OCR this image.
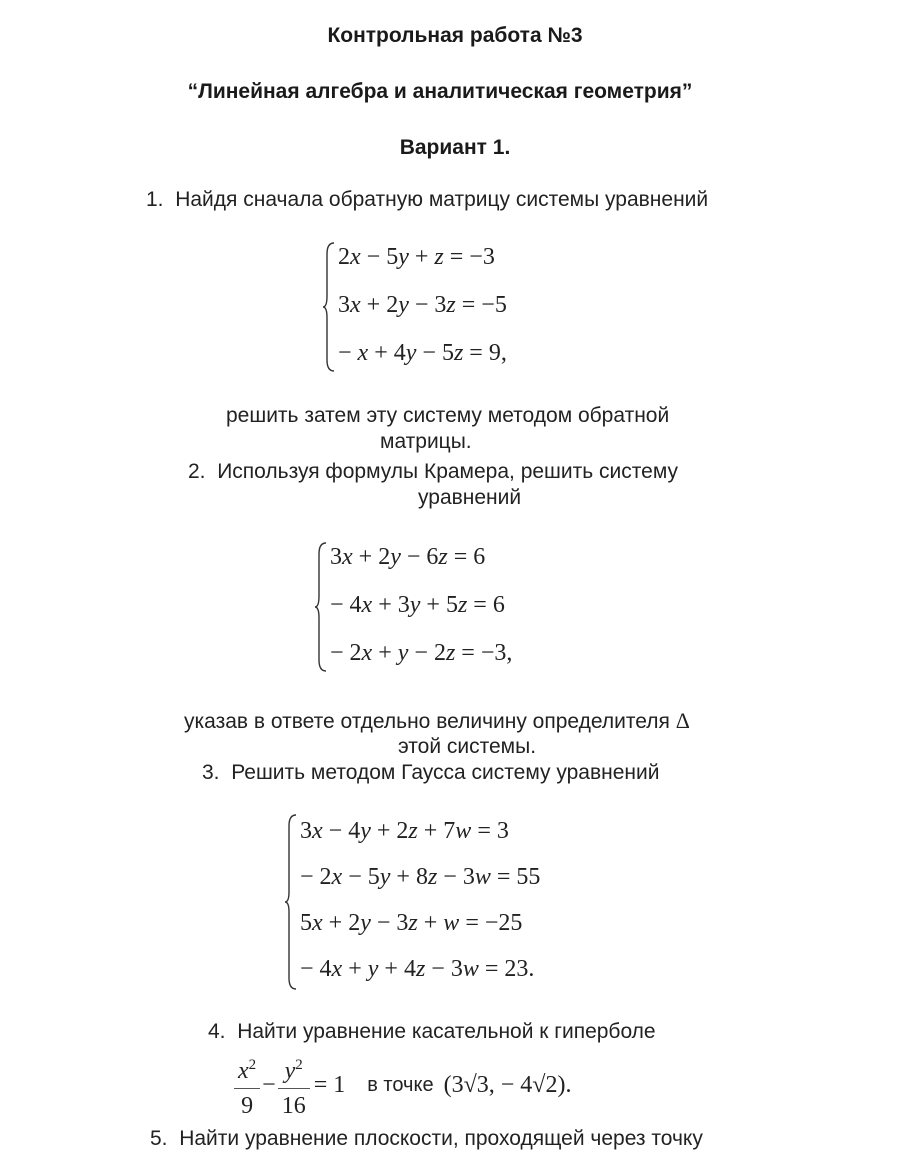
Контрольная работа №3
“Линейная алгебра и аналитическая геометрия”
Вариант 1.
1. Найдя сначала обратную матрицу системы уравнений
2x − 5y + z = −3
3x + 2y − 3z = −5
− x + 4y − 5z = 9,
решить затем эту систему методом обратной
матрицы.
2. Используя формулы Крамера, решить систему
уравнений
3x + 2y − 6z = 6
− 4x + 3y + 5z = 6
− 2x + y − 2z = −3,
указав в ответе отдельно величину определителя Δ
этой системы.
3. Решить методом Гаусса систему уравнений
3x − 4y + 2z + 7w = 3
− 2x − 5y + 8z − 3w = 55
5x + 2y − 3z + w = −25
− 4x + y + 4z − 3w = 23.
4. Найти уравнение касательной к гиперболе
$\frac{x^2}{9} - \frac{y^2}{16} = 1$ в точке (3√3, − 4√2).
5. Найти уравнение плоскости, проходящей через точку
